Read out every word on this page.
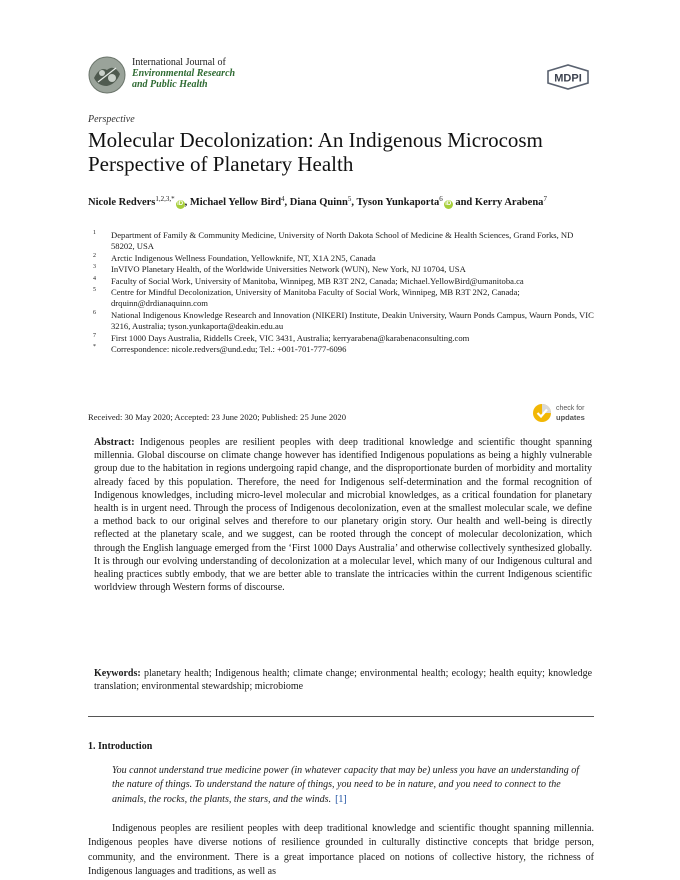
International Journal of
Environmental Research
and Public Health	MDPI
Perspective
Molecular Decolonization: An Indigenous Microcosm Perspective of Planetary Health
Nicole Redvers$^{1,2,3,*}$iD , Michael Yellow Bird$^4$, Diana Quinn$^5$, Tyson Yunkaporta$^6$iD and Kerry Arabena$^7$
1 Department of Family & Community Medicine, University of North Dakota School of Medicine & Health Sciences, Grand Forks, ND 58202, USA
2 Arctic Indigenous Wellness Foundation, Yellowknife, NT, X1A 2N5, Canada
3 InVIVO Planetary Health, of the Worldwide Universities Network (WUN), New York, NJ 10704, USA
4 Faculty of Social Work, University of Manitoba, Winnipeg, MB R3T 2N2, Canada; Michael.YellowBird@umanitoba.ca
5 Centre for Mindful Decolonization, University of Manitoba Faculty of Social Work, Winnipeg, MB R3T 2N2, Canada; drquinn@drdianaquinn.com
6 National Indigenous Knowledge Research and Innovation (NIKERI) Institute, Deakin University, Waurn Ponds Campus, Waurn Ponds, VIC 3216, Australia; tyson.yunkaporta@deakin.edu.au
7 First 1000 Days Australia, Riddells Creek, VIC 3431, Australia; kerryarabena@karabenaconsulting.com
* Correspondence: nicole.redvers@und.edu; Tel.: +001-701-777-6096
Received: 30 May 2020; Accepted: 23 June 2020; Published: 25 June 2020
check for
updates
Abstract: Indigenous peoples are resilient peoples with deep traditional knowledge and scientific thought spanning millennia. Global discourse on climate change however has identified Indigenous populations as being a highly vulnerable group due to the habitation in regions undergoing rapid change, and the disproportionate burden of morbidity and mortality already faced by this population. Therefore, the need for Indigenous self-determination and the formal recognition of Indigenous knowledges, including micro-level molecular and microbial knowledges, as a critical foundation for planetary health is in urgent need. Through the process of Indigenous decolonization, even at the smallest molecular scale, we define a method back to our original selves and therefore to our planetary origin story. Our health and well-being is directly reflected at the planetary scale, and we suggest, can be rooted through the concept of molecular decolonization, which through the English language emerged from the ‘First 1000 Days Australia’ and otherwise collectively synthesized globally. It is through our evolving understanding of decolonization at a molecular level, which many of our Indigenous cultural and healing practices subtly embody, that we are better able to translate the intricacies within the current Indigenous scientific worldview through Western forms of discourse.
Keywords: planetary health; Indigenous health; climate change; environmental health; ecology; health equity; knowledge translation; environmental stewardship; microbiome
1. Introduction
You cannot understand true medicine power (in whatever capacity that may be) unless you have an understanding of the nature of things. To understand the nature of things, you need to be in nature, and you need to connect to the animals, the rocks, the plants, the stars, and the winds. [1]
Indigenous peoples are resilient peoples with deep traditional knowledge and scientific thought spanning millennia. Indigenous peoples have diverse notions of resilience grounded in culturally distinctive concepts that bridge person, community, and the environment. There is a great importance placed on notions of collective history, the richness of Indigenous languages and traditions, as well as
